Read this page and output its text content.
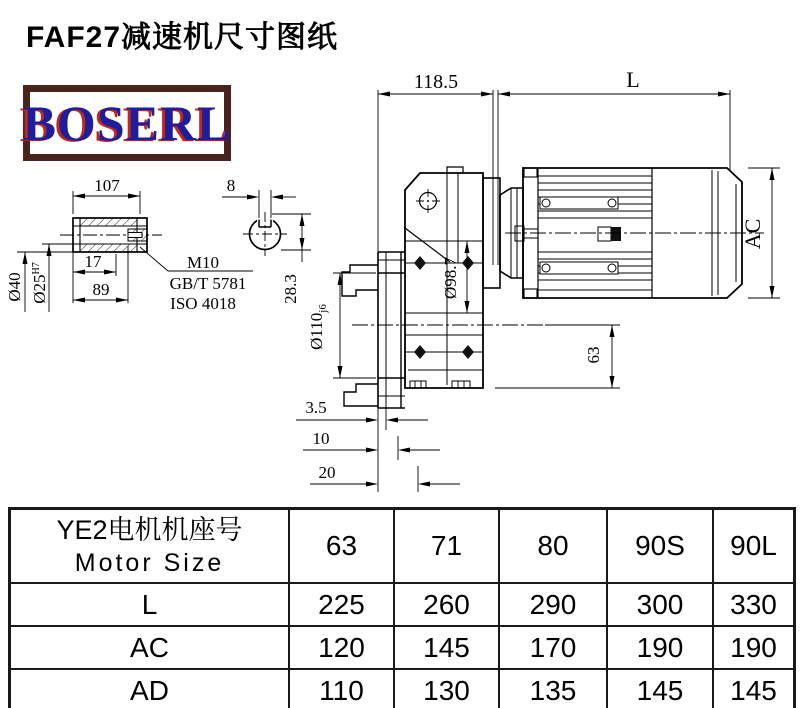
FAF27减速机尺寸图纸
BOSERL
107	8
17
89
M10
GB/T 5781
ISO 4018
Ø40 $Ø25^{H7}$
28.3
118.5	L
AC
$Ø110_{j6}$
Ø98.7
63
3.5
10
20
YE2电机机座号
Motor Size	63	71	80	90S	90L
L	225	260	290	300	330
AC	120	145	170	190	190
AD	110	130	135	145	145
